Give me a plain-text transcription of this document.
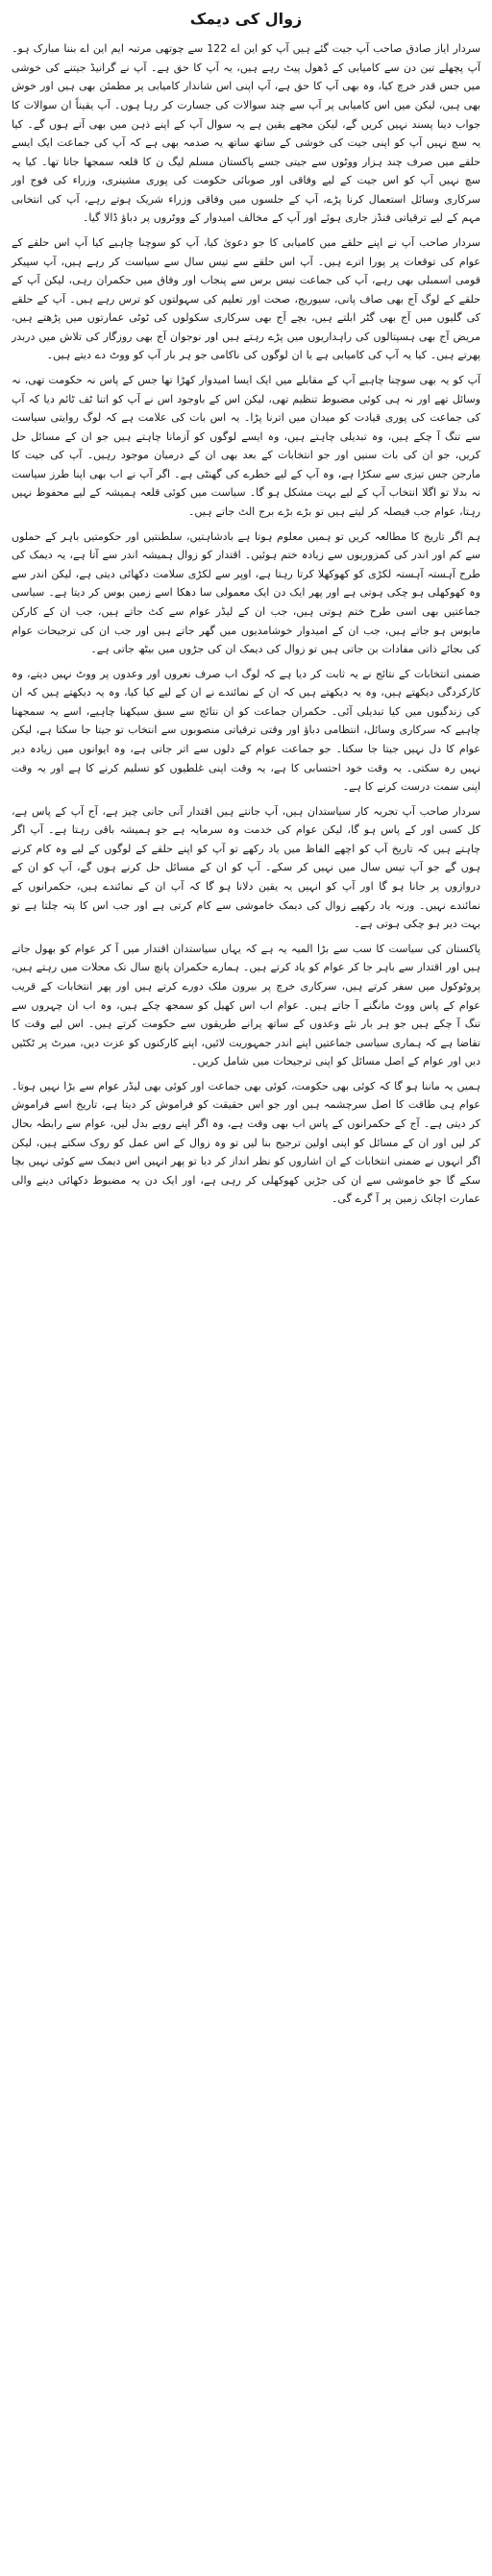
زوال کی دیمک

سردار ایاز صادق صاحب آپ جیت گئے ہیں آپ کو این اے 122 سے چوتھی مرتبہ ایم این اے بننا مبارک ہو۔ آپ پچھلے تین دن سے کامیابی کے ڈھول پیٹ رہے ہیں، یہ آپ کا حق ہے۔ آپ نے گرانیڈ جیتنے کی خوشی میں جس قدر خرچ کیا، وہ بھی آپ کا حق ہے، آپ اپنی اس شاندار کامیابی پر مطمئن بھی ہیں اور خوش بھی ہیں، لیکن میں اس کامیابی پر آپ سے چند سوالات کی جسارت کر رہا ہوں۔ آپ یقیناً ان سوالات کا جواب دینا پسند نہیں کریں گے، لیکن مجھے یقین ہے یہ سوال آپ کے اپنے ذہن میں بھی آتے ہوں گے۔ کیا یہ سچ نہیں آپ کو اپنی جیت کی خوشی کے ساتھ ساتھ یہ صدمہ بھی ہے کہ آپ کی جماعت ایک ایسے حلقے میں صرف چند ہزار ووٹوں سے جیتی جسے پاکستان مسلم لیگ ن کا قلعہ سمجھا جاتا تھا۔ کیا یہ سچ نہیں آپ کو اس جیت کے لیے وفاقی اور صوبائی حکومت کی پوری مشینری، وزراء کی فوج اور سرکاری وسائل استعمال کرنا پڑے، آپ کے جلسوں میں وفاقی وزراء شریک ہوتے رہے، آپ کی انتخابی مہم کے لیے ترقیاتی فنڈز جاری ہوئے اور آپ کے مخالف امیدوار کے ووٹروں پر دباؤ ڈالا گیا۔

سردار صاحب آپ نے اپنے حلقے میں کامیابی کا جو دعویٰ کیا، آپ کو سوچنا چاہیے کیا آپ اس حلقے کے عوام کی توقعات پر پورا اترے ہیں۔ آپ اس حلقے سے تیس سال سے سیاست کر رہے ہیں، آپ سپیکر قومی اسمبلی بھی رہے، آپ کی جماعت تیس برس سے پنجاب اور وفاق میں حکمران رہی، لیکن آپ کے حلقے کے لوگ آج بھی صاف پانی، سیوریج، صحت اور تعلیم کی سہولتوں کو ترس رہے ہیں۔ آپ کے حلقے کی گلیوں میں آج بھی گٹر ابلتے ہیں، بچے آج بھی سرکاری سکولوں کی ٹوٹی عمارتوں میں پڑھتے ہیں، مریض آج بھی ہسپتالوں کی راہداریوں میں پڑے رہتے ہیں اور نوجوان آج بھی روزگار کی تلاش میں دربدر پھرتے ہیں۔ کیا یہ آپ کی کامیابی ہے یا ان لوگوں کی ناکامی جو ہر بار آپ کو ووٹ دے دیتے ہیں۔

آپ کو یہ بھی سوچنا چاہیے آپ کے مقابلے میں ایک ایسا امیدوار کھڑا تھا جس کے پاس نہ حکومت تھی، نہ وسائل تھے اور نہ ہی کوئی مضبوط تنظیم تھی، لیکن اس کے باوجود اس نے آپ کو اتنا ٹف ٹائم دیا کہ آپ کی جماعت کی پوری قیادت کو میدان میں اترنا پڑا۔ یہ اس بات کی علامت ہے کہ لوگ روایتی سیاست سے تنگ آ چکے ہیں، وہ تبدیلی چاہتے ہیں، وہ ایسے لوگوں کو آزمانا چاہتے ہیں جو ان کے مسائل حل کریں، جو ان کی بات سنیں اور جو انتخابات کے بعد بھی ان کے درمیان موجود رہیں۔ آپ کی جیت کا مارجن جس تیزی سے سکڑا ہے، وہ آپ کے لیے خطرے کی گھنٹی ہے۔ اگر آپ نے اب بھی اپنا طرز سیاست نہ بدلا تو اگلا انتخاب آپ کے لیے بہت مشکل ہو گا۔ سیاست میں کوئی قلعہ ہمیشہ کے لیے محفوظ نہیں رہتا، عوام جب فیصلہ کر لیتے ہیں تو بڑے بڑے برج الٹ جاتے ہیں۔

ہم اگر تاریخ کا مطالعہ کریں تو ہمیں معلوم ہوتا ہے بادشاہتیں، سلطنتیں اور حکومتیں باہر کے حملوں سے کم اور اندر کی کمزوریوں سے زیادہ ختم ہوئیں۔ اقتدار کو زوال ہمیشہ اندر سے آتا ہے، یہ دیمک کی طرح آہستہ آہستہ لکڑی کو کھوکھلا کرتا رہتا ہے، اوپر سے لکڑی سلامت دکھائی دیتی ہے، لیکن اندر سے وہ کھوکھلی ہو چکی ہوتی ہے اور پھر ایک دن ایک معمولی سا دھکا اسے زمین بوس کر دیتا ہے۔ سیاسی جماعتیں بھی اسی طرح ختم ہوتی ہیں، جب ان کے لیڈر عوام سے کٹ جاتے ہیں، جب ان کے کارکن مایوس ہو جاتے ہیں، جب ان کے امیدوار خوشامدیوں میں گھر جاتے ہیں اور جب ان کی ترجیحات عوام کی بجائے ذاتی مفادات بن جاتی ہیں تو زوال کی دیمک ان کی جڑوں میں بیٹھ جاتی ہے۔

ضمنی انتخابات کے نتائج نے یہ ثابت کر دیا ہے کہ لوگ اب صرف نعروں اور وعدوں پر ووٹ نہیں دیتے، وہ کارکردگی دیکھتے ہیں، وہ یہ دیکھتے ہیں کہ ان کے نمائندے نے ان کے لیے کیا کیا، وہ یہ دیکھتے ہیں کہ ان کی زندگیوں میں کیا تبدیلی آئی۔ حکمران جماعت کو ان نتائج سے سبق سیکھنا چاہیے، اسے یہ سمجھنا چاہیے کہ سرکاری وسائل، انتظامی دباؤ اور وقتی ترقیاتی منصوبوں سے انتخاب تو جیتا جا سکتا ہے، لیکن عوام کا دل نہیں جیتا جا سکتا۔ جو جماعت عوام کے دلوں سے اتر جاتی ہے، وہ ایوانوں میں زیادہ دیر نہیں رہ سکتی۔ یہ وقت خود احتسابی کا ہے، یہ وقت اپنی غلطیوں کو تسلیم کرنے کا ہے اور یہ وقت اپنی سمت درست کرنے کا ہے۔

سردار صاحب آپ تجربہ کار سیاستدان ہیں، آپ جانتے ہیں اقتدار آنی جانی چیز ہے، آج آپ کے پاس ہے، کل کسی اور کے پاس ہو گا، لیکن عوام کی خدمت وہ سرمایہ ہے جو ہمیشہ باقی رہتا ہے۔ آپ اگر چاہتے ہیں کہ تاریخ آپ کو اچھے الفاظ میں یاد رکھے تو آپ کو اپنے حلقے کے لوگوں کے لیے وہ کام کرنے ہوں گے جو آپ تیس سال میں نہیں کر سکے۔ آپ کو ان کے مسائل حل کرنے ہوں گے، آپ کو ان کے دروازوں پر جانا ہو گا اور آپ کو انہیں یہ یقین دلانا ہو گا کہ آپ ان کے نمائندے ہیں، حکمرانوں کے نمائندے نہیں۔ ورنہ یاد رکھیے زوال کی دیمک خاموشی سے کام کرتی ہے اور جب اس کا پتہ چلتا ہے تو بہت دیر ہو چکی ہوتی ہے۔

پاکستان کی سیاست کا سب سے بڑا المیہ یہ ہے کہ یہاں سیاستدان اقتدار میں آ کر عوام کو بھول جاتے ہیں اور اقتدار سے باہر جا کر عوام کو یاد کرتے ہیں۔ ہمارے حکمران پانچ سال تک محلات میں رہتے ہیں، پروٹوکول میں سفر کرتے ہیں، سرکاری خرچ پر بیرون ملک دورے کرتے ہیں اور پھر انتخابات کے قریب عوام کے پاس ووٹ مانگنے آ جاتے ہیں۔ عوام اب اس کھیل کو سمجھ چکے ہیں، وہ اب ان چہروں سے تنگ آ چکے ہیں جو ہر بار نئے وعدوں کے ساتھ پرانے طریقوں سے حکومت کرتے ہیں۔ اس لیے وقت کا تقاضا ہے کہ ہماری سیاسی جماعتیں اپنے اندر جمہوریت لائیں، اپنے کارکنوں کو عزت دیں، میرٹ پر ٹکٹیں دیں اور عوام کے اصل مسائل کو اپنی ترجیحات میں شامل کریں۔

ہمیں یہ ماننا ہو گا کہ کوئی بھی حکومت، کوئی بھی جماعت اور کوئی بھی لیڈر عوام سے بڑا نہیں ہوتا۔ عوام ہی طاقت کا اصل سرچشمہ ہیں اور جو اس حقیقت کو فراموش کر دیتا ہے، تاریخ اسے فراموش کر دیتی ہے۔ آج کے حکمرانوں کے پاس اب بھی وقت ہے، وہ اگر اپنے رویے بدل لیں، عوام سے رابطہ بحال کر لیں اور ان کے مسائل کو اپنی اولین ترجیح بنا لیں تو وہ زوال کے اس عمل کو روک سکتے ہیں، لیکن اگر انہوں نے ضمنی انتخابات کے ان اشاروں کو نظر انداز کر دیا تو پھر انہیں اس دیمک سے کوئی نہیں بچا سکے گا جو خاموشی سے ان کی جڑیں کھوکھلی کر رہی ہے، اور ایک دن یہ مضبوط دکھائی دینے والی عمارت اچانک زمین پر آ گرے گی۔
